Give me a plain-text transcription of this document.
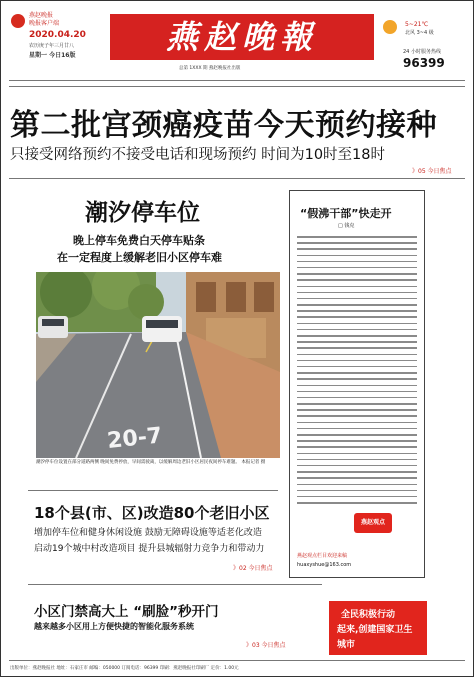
燕赵晚报
晚报客户端
2020.04.20
农历庚子年三月廿八
星期一 今日16版	燕赵晚報
总第 1XXX 期 燕赵晚报社出版
5~21℃
北风 3~4 级
24 小时服务热线
96399
第二批宫颈癌疫苗今天预约接种
只接受网络预约不接受电话和现场预约 时间为10时至18时
》05 今日焦点
潮汐停车位
晚上停车免费白天停车贴条
在一定程度上缓解老旧小区停车难
20-7
潮汐停车位设置在部分道路两侧 晚间免费停放，早间需驶离，以缓解周边老旧小区居民夜间停车难题。 本报记者 摄
18个县(市、区)改造80个老旧小区
增加停车位和健身休闲设施 鼓励无障碍设施等适老化改造
启动19个城中村改造项目 提升县城辐射力竞争力和带动力
》02 今日焦点
小区门禁高大上 “刷脸”秒开门
越来越多小区用上方便快捷的智能化服务系统
》03 今日焦点
“假沸干部”快走开
□ 钱克
燕赵观点
燕赵观点栏目欢迎来稿
huaxyshue@163.com
全民积极行动
起来,创建国家卫生
城市
出版单位：燕赵晚报社 地址：石家庄市 邮编：050000 订阅电话：96399 印刷：燕赵晚报社印刷厂 定价：1.00元
